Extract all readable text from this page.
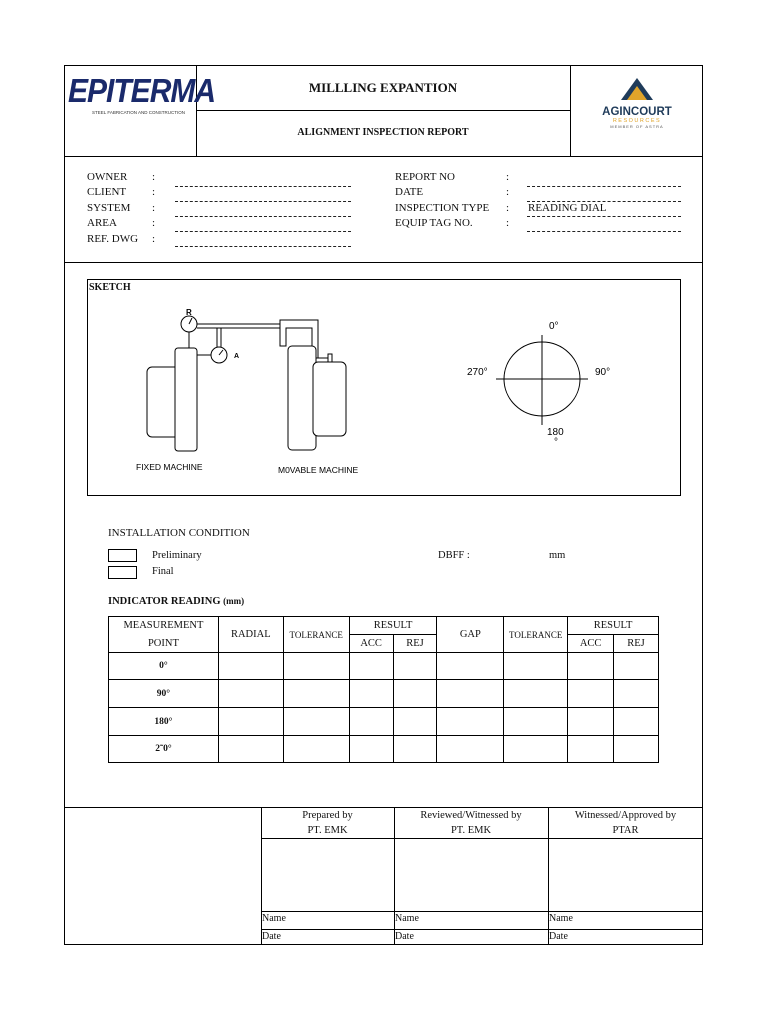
EPITERMA
STEEL FABRICATION AND CONSTRUCTION
MILLLING EXPANTION
ALIGNMENT INSPECTION REPORT
AGINCOURT
RESOURCES
MEMBER OF ASTRA
OWNER :
CLIENT :
SYSTEM :
AREA	:
REF. DWG :
REPORT NO	:
DATE	:
INSPECTION TYPE : READING DIAL
EQUIP TAG NO.	:
SKETCH
R
A
FIXED MACHINE	M0VABLE MACHINE
0°
90°
270°
180
°
INSTALLATION CONDITION
Preliminary
Final
DBFF :	mm
INDICATOR READING (mm)
MEASUREMENT	RADIAL	TOLERANCE	RESULT		GAP	TOLERANCE	RESULT	
POINT			ACC	REJ			ACC	REJ
0°								
90°								
180°								
2˜0°								
Prepared by
PT. EMK
Reviewed/Witnessed by
PT. EMK
Witnessed/Approved by
PTAR
Name	Name	Name
Date	Date	Date
